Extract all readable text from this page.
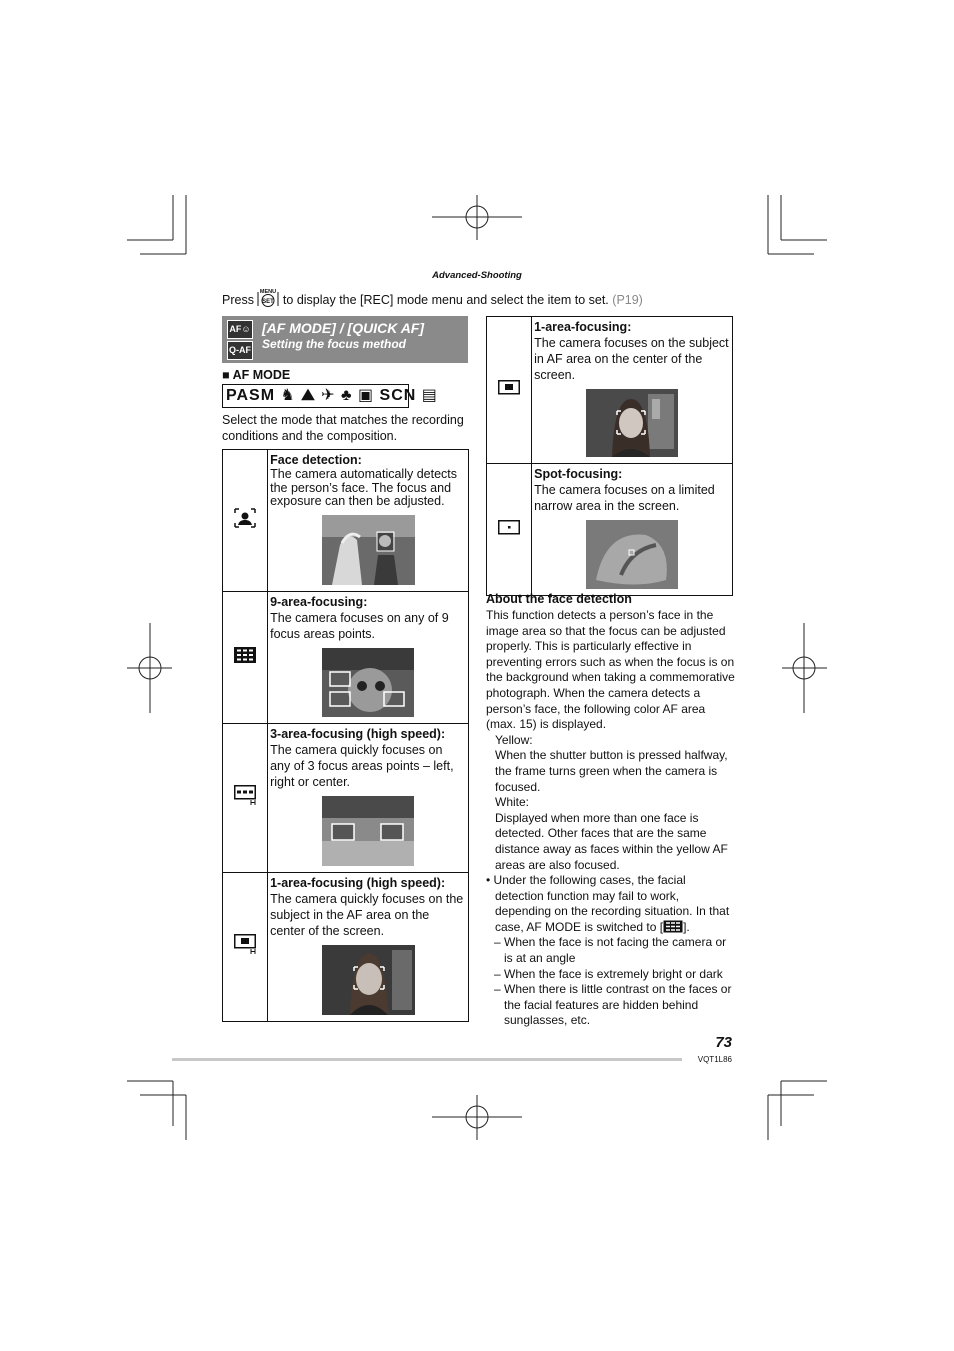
Advanced-Shooting
Press
MENU
SET to display the [REC] mode menu and select the item to set. (P19)
AF☺
Q-AF
[AF MODE] / [QUICK AF]
Setting the focus method
■ AF MODE
PASM ♞ ⛰ ✈ ♣ ▣ SCN ▤
Select the mode that matches the recording conditions and the composition.

Face detection:
The camera automatically detects the person’s face. The focus and exposure can then be adjusted.

9-area-focusing:
The camera focuses on any of 9 focus areas points.

3-area-focusing (high speed):
The camera quickly focuses on any of 3 focus areas points – left, right or center.

1-area-focusing (high speed):
The camera quickly focuses on the subject in the AF area on the center of the screen.

1-area-focusing:
The camera focuses on the subject in AF area on the center of the screen.

Spot-focusing:
The camera focuses on a limited narrow area in the screen.
About the face detection

This function detects a person’s face in the image area so that the focus can be adjusted properly. This is particularly effective in preventing errors such as when the focus is on the background when taking a commemorative photograph. When the camera detects a person’s face, the following color AF area (max. 15) is displayed.

Yellow:

When the shutter button is pressed halfway, the frame turns green when the camera is focused.

White:

Displayed when more than one face is detected. Other faces that are the same distance away as faces within the yellow AF areas are also focused.

• Under the following cases, the facial detection function may fail to work, depending on the recording situation. In that case, AF MODE is switched to [ ].

– When the face is not facing the camera or is at an angle

– When the face is extremely bright or dark

– When there is little contrast on the faces or the facial features are hidden behind sunglasses, etc.

73
VQT1L86
